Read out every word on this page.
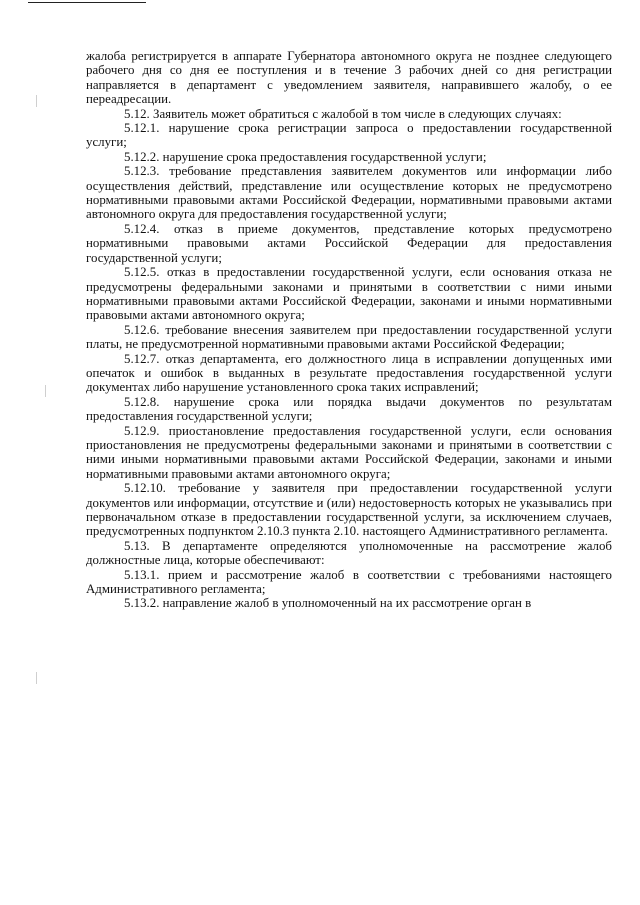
жалоба регистрируется в аппарате Губернатора автономного округа не позднее следующего рабочего дня со дня ее поступления и в течение 3 рабочих дней со дня регистрации направляется в департамент с уведомлением заявителя, направившего жалобу, о ее переадресации.

5.12. Заявитель может обратиться с жалобой в том числе в следующих случаях:

5.12.1. нарушение срока регистрации запроса о предоставлении государственной услуги;

5.12.2. нарушение срока предоставления государственной услуги;

5.12.3. требование представления заявителем документов или информации либо осуществления действий, представление или осуществление которых не предусмотрено нормативными правовыми актами Российской Федерации, нормативными правовыми актами автономного округа для предоставления государственной услуги;

5.12.4. отказ в приеме документов, представление которых предусмотрено нормативными правовыми актами Российской Федерации для предоставления государственной услуги;

5.12.5. отказ в предоставлении государственной услуги, если основания отказа не предусмотрены федеральными законами и принятыми в соответствии с ними иными нормативными правовыми актами Российской Федерации, законами и иными нормативными правовыми актами автономного округа;

5.12.6. требование внесения заявителем при предоставлении государственной услуги платы, не предусмотренной нормативными правовыми актами Российской Федерации;

5.12.7. отказ департамента, его должностного лица в исправлении допущенных ими опечаток и ошибок в выданных в результате предоставления государственной услуги документах либо нарушение установленного срока таких исправлений;

5.12.8. нарушение срока или порядка выдачи документов по результатам предоставления государственной услуги;

5.12.9. приостановление предоставления государственной услуги, если основания приостановления не предусмотрены федеральными законами и принятыми в соответствии с ними иными нормативными правовыми актами Российской Федерации, законами и иными нормативными правовыми актами автономного округа;

5.12.10. требование у заявителя при предоставлении государственной услуги документов или информации, отсутствие и (или) недостоверность которых не указывались при первоначальном отказе в предоставлении государственной услуги, за исключением случаев, предусмотренных подпунктом 2.10.3 пункта 2.10. настоящего Административного регламента.

5.13. В департаменте определяются уполномоченные на рассмотрение жалоб должностные лица, которые обеспечивают:

5.13.1. прием и рассмотрение жалоб в соответствии с требованиями настоящего Административного регламента;

5.13.2. направление жалоб в уполномоченный на их рассмотрение орган в
